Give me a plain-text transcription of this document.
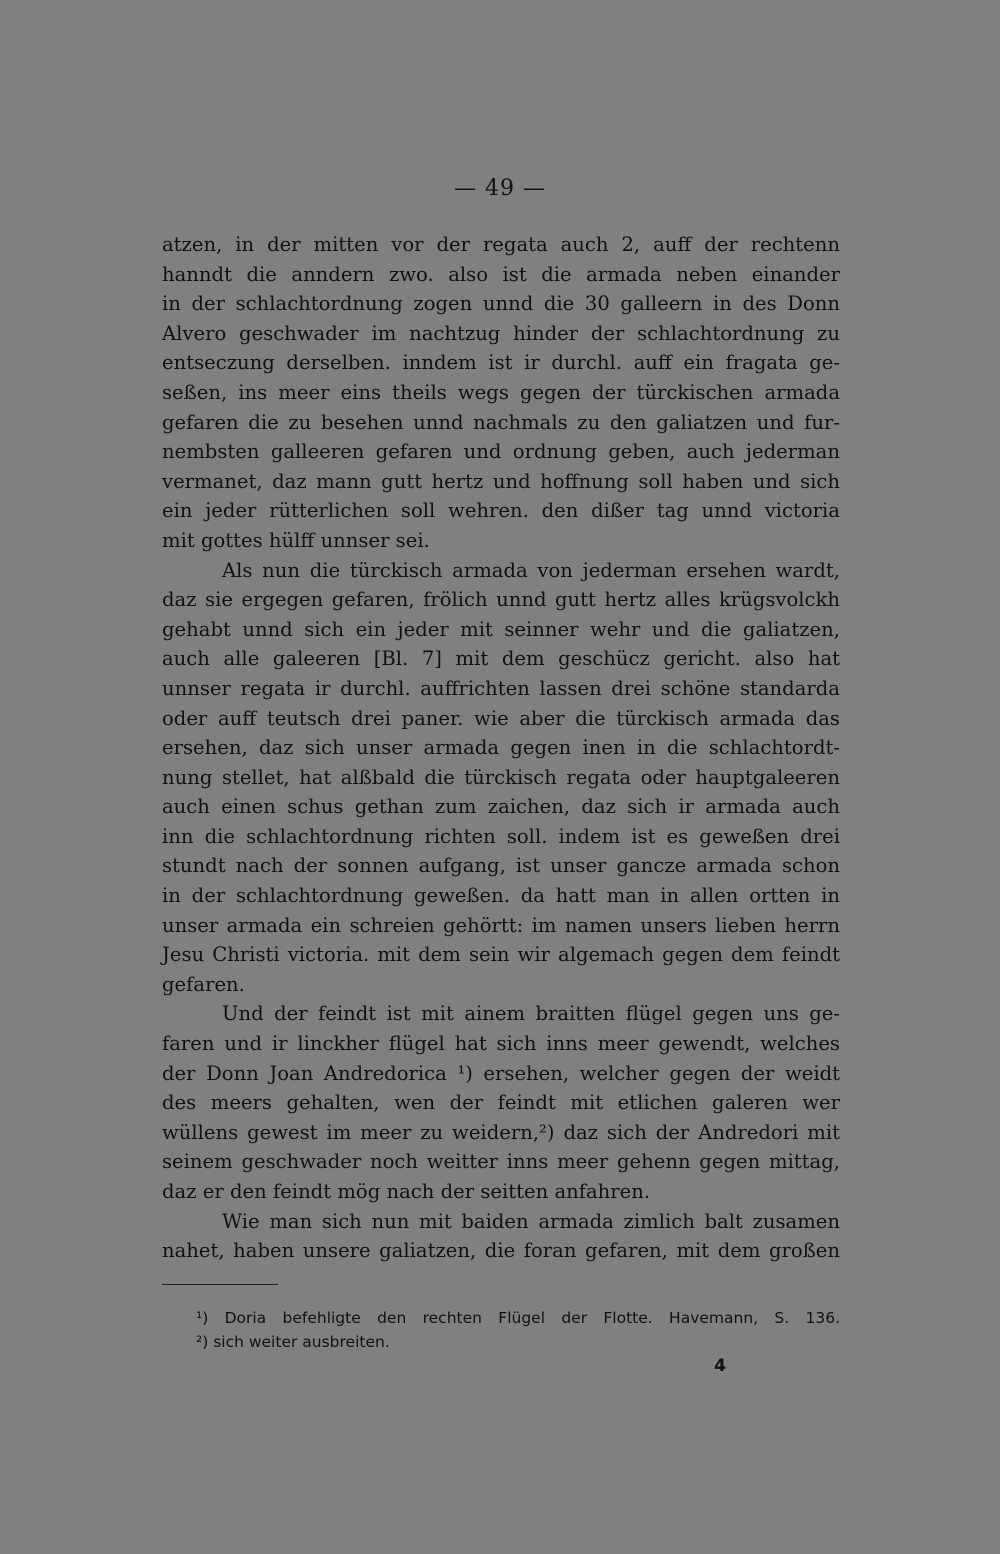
— 49 —
atzen, in der mitten vor der regata auch 2, auff der rechtenn
hanndt die anndern zwo. also ist die armada neben einander
in der schlachtordnung zogen unnd die 30 galleern in des Donn
Alvero geschwader im nachtzug hinder der schlachtordnung zu
entseczung derselben. inndem ist ir durchl. auff ein fragata ge-
seßen, ins meer eins theils wegs gegen der türckischen armada
gefaren die zu besehen unnd nachmals zu den galiatzen und fur-
nembsten galleeren gefaren und ordnung geben, auch jederman
vermanet, daz mann gutt hertz und hoffnung soll haben und sich
ein jeder rütterlichen soll wehren. den dißer tag unnd victoria
mit gottes hülff unnser sei.
Als nun die türckisch armada von jederman ersehen wardt,
daz sie ergegen gefaren, frölich unnd gutt hertz alles krügsvolckh
gehabt unnd sich ein jeder mit seinner wehr und die galiatzen,
auch alle galeeren [Bl. 7] mit dem geschücz gericht. also hat
unnser regata ir durchl. auffrichten lassen drei schöne standarda
oder auff teutsch drei paner. wie aber die türckisch armada das
ersehen, daz sich unser armada gegen inen in die schlachtordt-
nung stellet, hat alßbald die türckisch regata oder hauptgaleeren
auch einen schus gethan zum zaichen, daz sich ir armada auch
inn die schlachtordnung richten soll. indem ist es geweßen drei
stundt nach der sonnen aufgang, ist unser gancze armada schon
in der schlachtordnung geweßen. da hatt man in allen ortten in
unser armada ein schreien gehörtt: im namen unsers lieben herrn
Jesu Christi victoria. mit dem sein wir algemach gegen dem feindt
gefaren.
Und der feindt ist mit ainem braitten flügel gegen uns ge-
faren und ir linckher flügel hat sich inns meer gewendt, welches
der Donn Joan Andredorica ¹) ersehen, welcher gegen der weidt
des meers gehalten, wen der feindt mit etlichen galeren wer
wüllens gewest im meer zu weidern,²) daz sich der Andredori mit
seinem geschwader noch weitter inns meer gehenn gegen mittag,
daz er den feindt mög nach der seitten anfahren.
Wie man sich nun mit baiden armada zimlich balt zusamen
nahet, haben unsere galiatzen, die foran gefaren, mit dem großen
¹) Doria befehligte den rechten Flügel der Flotte. Havemann, S. 136.
²) sich weiter ausbreiten.
4
